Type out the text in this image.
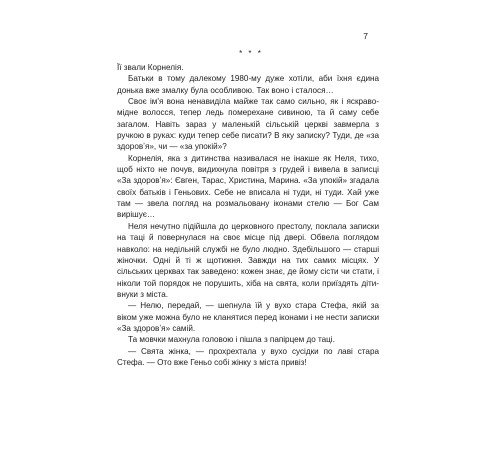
7
* * *

Її звали Корнелія.

Батьки в тому далекому 1980-му дуже хотіли, аби їхня єдина донька вже змалку була особливою. Так воно і сталося…

Своє ім'я вона ненавиділа майже так само сильно, як і яскраво-мідне волосся, тепер ледь померехане сивиною, та й саму себе загалом. Навіть зараз у маленькій сільській церкві завмерла з ручкою в руках: куди тепер себе писати? В яку записку? Туди, де «за здоровʼя», чи — «за упокій»?

Корнелія, яка з дитинства називалася не інакше як Неля, тихо, щоб ніхто не почув, видихнула повітря з грудей і вивела в записці «За здоровʼя»: Євген, Тарас, Христина, Марина. «За упокій» згадала своїх батьків і Геньових. Себе не вписала ні туди, ні туди. Хай уже там — звела погляд на розмальовану іконами стелю — Бог Сам вирішує…

Неля нечутно підійшла до церковного престолу, поклала записки на таці й повернулася на своє місце під двері. Обвела поглядом навколо: на недільній службі не було людно. Здебільшого — старші жіночки. Одні й ті ж щотижня. Завжди на тих самих місцях. У сільських церквах так заведено: кожен знає, де йому сісти чи стати, і ніколи той порядок не порушить, хіба на свята, коли приїздять діти-внуки з міста.

— Нелю, передай, — шепнула їй у вухо стара Стефа, якій за віком уже можна було не кланятися перед іконами і не нести записки «За здоровʼя» самій.

Та мовчки махнула головою і пішла з папірцем до таці.

— Свята жінка, — прохрехтала у вухо сусідки по лаві стара Стефа. — Ото вже Геньо собі жінку з міста привіз!
